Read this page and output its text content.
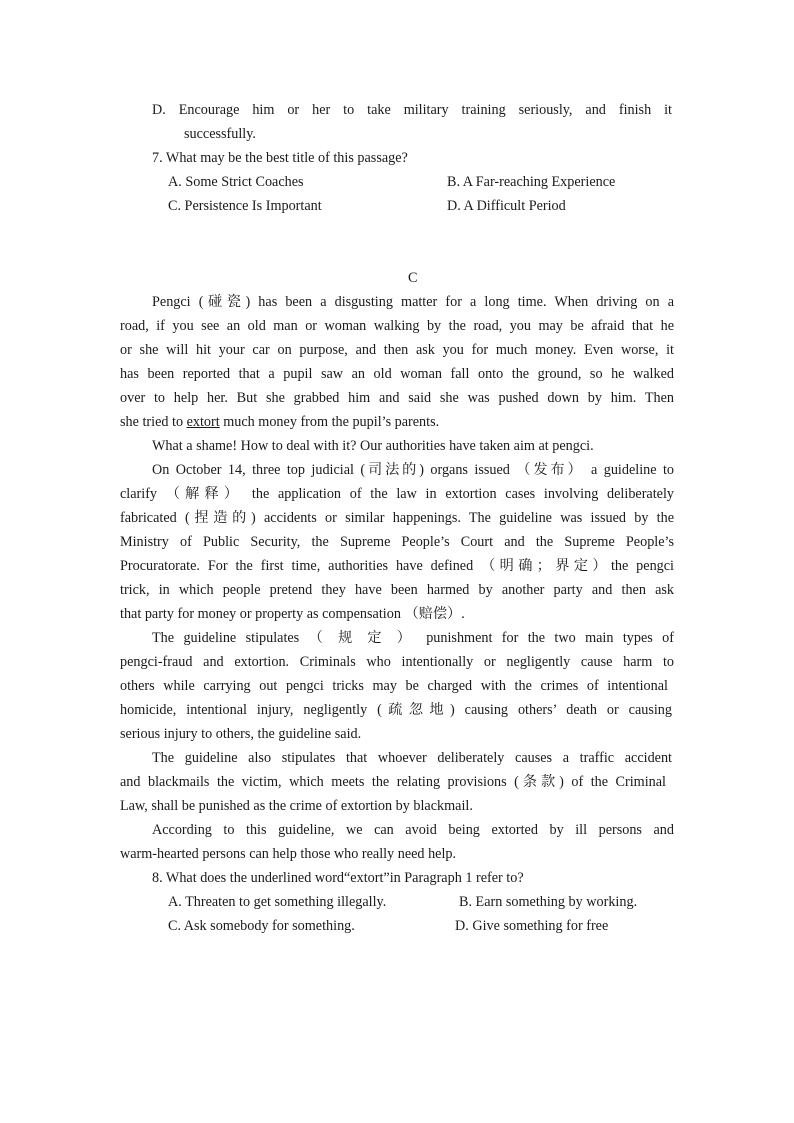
D. Encourage him or her to take military training seriously, and finish it
successfully.
7. What may be the best title of this passage?
A. Some Strict Coaches	B. A Far-reaching Experience
C. Persistence Is Important	D. A Difficult Period
C
Pengci (碰瓷) has been a disgusting matter for a long time. When driving on a
road, if you see an old man or woman walking by the road, you may be afraid that he
or she will hit your car on purpose, and then ask you for much money. Even worse, it
has been reported that a pupil saw an old woman fall onto the ground, so he walked
over to help her. But she grabbed him and said she was pushed down by him. Then
she tried to extort much money from the pupil’s parents.
What a shame! How to deal with it? Our authorities have taken aim at pengci.
On October 14, three top judicial (司法的) organs issued （发布） a guideline to
clarify （解释） the application of the law in extortion cases involving deliberately
fabricated (捏造的) accidents or similar happenings. The guideline was issued by the
Ministry of Public Security, the Supreme People’s Court and the Supreme People’s
Procuratorate. For the first time, authorities have defined （明确；界定）the pengci
trick, in which people pretend they have been harmed by another party and then ask
that party for money or property as compensation （赔偿）.
The guideline stipulates （ 规 定 ） punishment for the two main types of
pengci-fraud and extortion. Criminals who intentionally or negligently cause harm to
others while carrying out pengci tricks may be charged with the crimes of intentional
homicide, intentional injury, negligently (疏忽地) causing others’ death or causing
serious injury to others, the guideline said.
The guideline also stipulates that whoever deliberately causes a traffic accident
and blackmails the victim, which meets the relating provisions (条款) of the Criminal
Law, shall be punished as the crime of extortion by blackmail.
According to this guideline, we can avoid being extorted by ill persons and
warm-hearted persons can help those who really need help.
8. What does the underlined word“extort”in Paragraph 1 refer to?
A. Threaten to get something illegally.	B. Earn something by working.
C. Ask somebody for something.	D. Give something for free
